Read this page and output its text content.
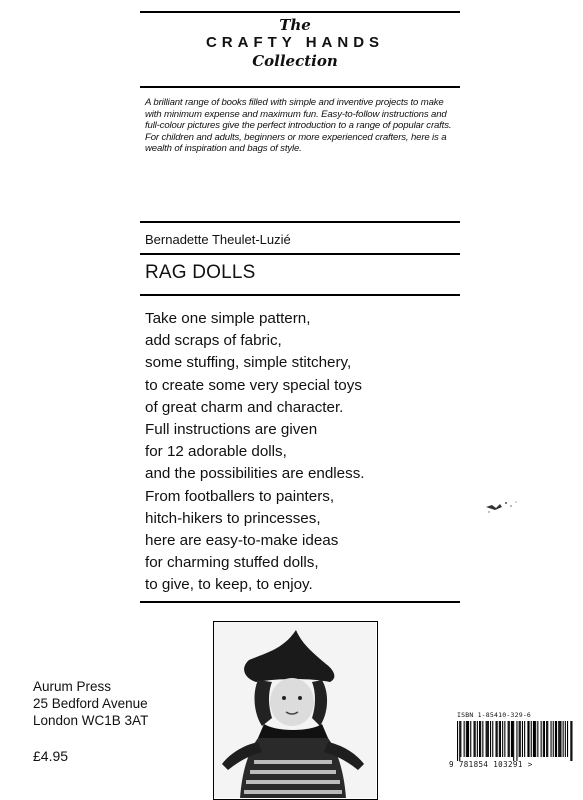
The
CRAFTY HANDS
Collection
A brilliant range of books filled with simple and inventive projects to make with minimum expense and maximum fun. Easy-to-follow instructions and full-colour pictures give the perfect introduction to a range of popular crafts. For children and adults, beginners or more experienced crafters, here is a wealth of inspiration and bags of style.
Bernadette Theulet-Luzié
RAG DOLLS
Take one simple pattern,
add scraps of fabric,
some stuffing, simple stitchery,
to create some very special toys
of great charm and character.
Full instructions are given
for 12 adorable dolls,
and the possibilities are endless.
From footballers to painters,
hitch-hikers to princesses,
here are easy-to-make ideas
for charming stuffed dolls,
to give, to keep, to enjoy.
Aurum Press
25 Bedford Avenue
London WC1B 3AT
£4.95
ISBN 1-85410-329-6
9 781854 103291 >
